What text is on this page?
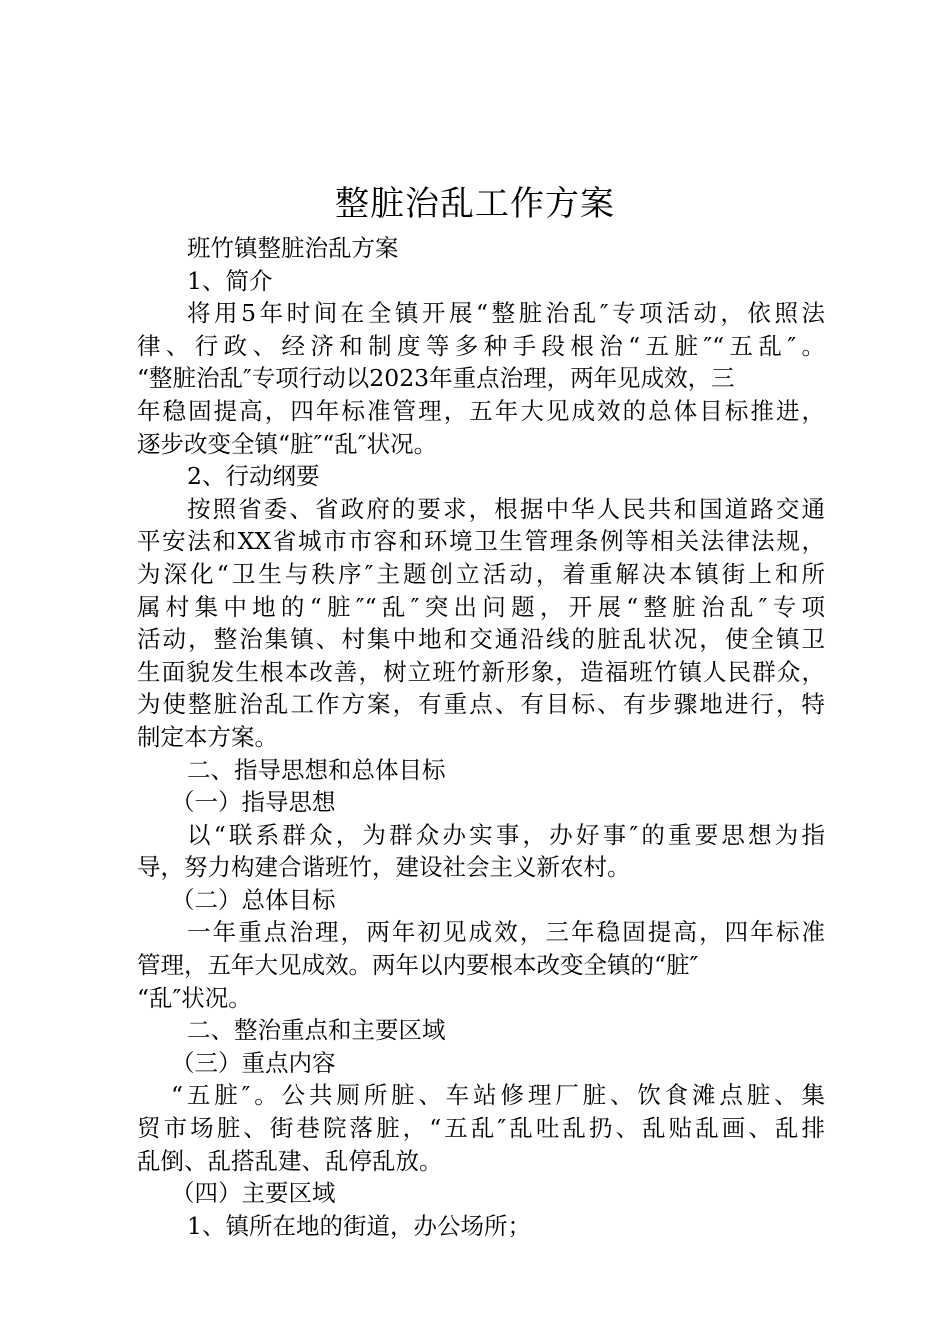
整脏治乱工作方案
班竹镇整脏治乱方案
1、简介
将用5年时间在全镇开展“整脏治乱″专项活动，依照法
律、行政、经济和制度等多种手段根治“五脏″“五乱″。
“整脏治乱″专项行动以2023年重点治理，两年见成效，三
年稳固提高，四年标准管理，五年大见成效的总体目标推进，
逐步改变全镇“脏″“乱″状况。
2、行动纲要
按照省委、省政府的要求，根据中华人民共和国道路交通
平安法和XX省城市市容和环境卫生管理条例等相关法律法规，
为深化“卫生与秩序″主题创立活动，着重解决本镇街上和所
属村集中地的“脏″“乱″突出问题，开展“整脏治乱″专项
活动，整治集镇、村集中地和交通沿线的脏乱状况，使全镇卫
生面貌发生根本改善，树立班竹新形象，造福班竹镇人民群众，
为使整脏治乱工作方案，有重点、有目标、有步骤地进行，特
制定本方案。
二、指导思想和总体目标
（一）指导思想
以“联系群众，为群众办实事，办好事″的重要思想为指
导，努力构建合谐班竹，建设社会主义新农村。
（二）总体目标
一年重点治理，两年初见成效，三年稳固提高，四年标准
管理，五年大见成效。两年以内要根本改变全镇的“脏″
“乱″状况。
二、整治重点和主要区域
（三）重点内容
“五脏″。公共厕所脏、车站修理厂脏、饮食滩点脏、集
贸市场脏、街巷院落脏，“五乱″乱吐乱扔、乱贴乱画、乱排
乱倒、乱搭乱建、乱停乱放。
（四）主要区域
1、镇所在地的街道，办公场所；
